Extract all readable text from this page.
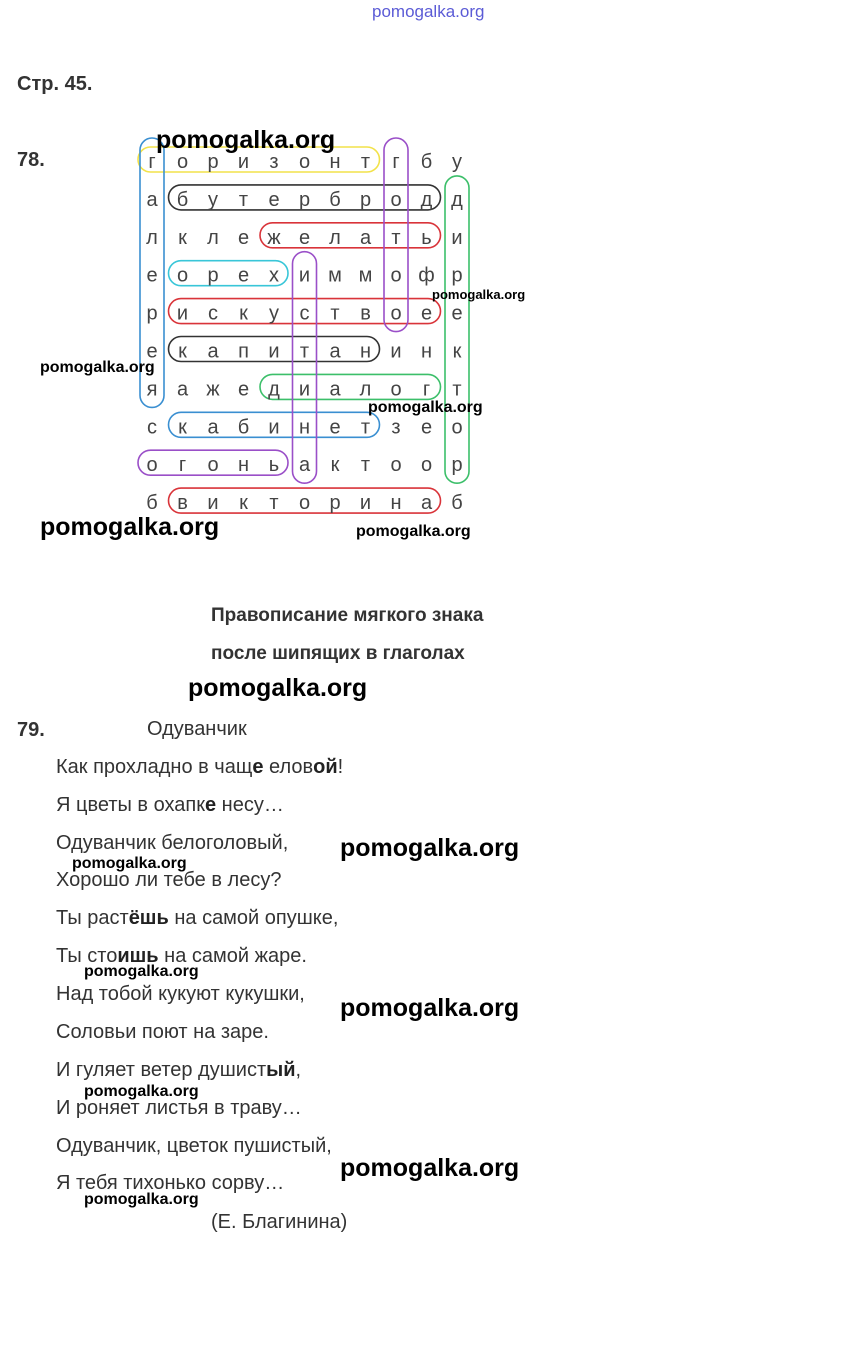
pomogalka.org
Стр. 45.
78.	г о р и з о н т г б у
а б у т е р б р о д д
л к л е ж е л а т ь и
е о р е х и м м о ф р
р и с к у с т в о е е
е к а п и т а н и н к
я а ж е д и а л о г т
с к а б и н е т з е о
о г о н ь а к т о о р
б в и к т о р и н а б
Правописание мягкого знака
после шипящих в глаголах
79.	Одуванчик
Как прохладно в чаще еловой!
Я цветы в охапке несу…
Одуванчик белоголовый,
Хорошо ли тебе в лесу?
Ты растёшь на самой опушке,
Ты стоишь на самой жаре.
Над тобой кукуют кукушки,
Соловьи поют на заре.
И гуляет ветер душистый,
И роняет листья в траву…
Одуванчик, цветок пушистый,
Я тебя тихонько сорву…
(Е. Благинина)
pomogalka.org
pomogalka.org
pomogalka.org
pomogalka.org
pomogalka.org	pomogalka.org
pomogalka.org
pomogalka.org
pomogalka.org
pomogalka.org
pomogalka.org
pomogalka.org
pomogalka.org
pomogalka.org
